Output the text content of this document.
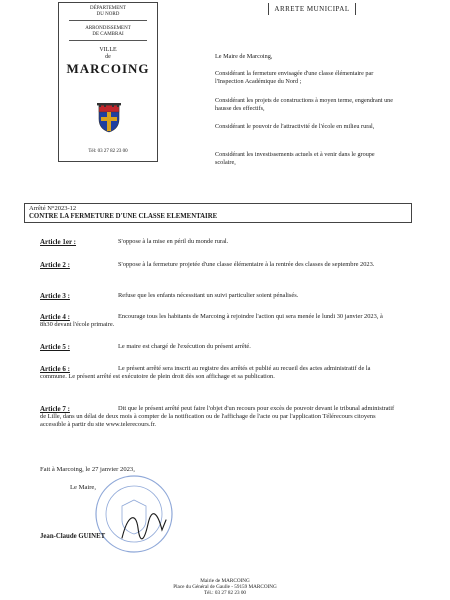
DÉPARTEMENT
DU NORD
ARRONDISSEMENT
DE CAMBRAI
VILLE
de
MARCOING
Tél: 03 27 82 23 00
ARRETE MUNICIPAL
Le Maire de Marcoing,
Considérant la fermeture envisagée d'une classe élémentaire par l'Inspection Académique du Nord ;
Considérant les projets de constructions à moyen terme, engendrant une hausse des effectifs,
Considérant le pouvoir de l'attractivité de l'école en milieu rural,
Considérant les investissements actuels et à venir dans le groupe scolaire,
Arrêté N°2023-12
CONTRE LA FERMETURE D'UNE CLASSE ELEMENTAIRE
Article 1er :	S'oppose à la mise en péril du monde rural.
Article 2 :	S'oppose à la fermeture projetée d'une classe élémentaire à la rentrée des classes de septembre 2023.
Article 3 :	Refuse que les enfants nécessitant un suivi particulier soient pénalisés.
Article 4 :	Encourage tous les habitants de Marcoing à rejoindre l'action qui sera menée le lundi 30 janvier 2023, à 8h30 devant l'école primaire.
Article 5 :	Le maire est chargé de l'exécution du présent arrêté.
Article 6 :	Le présent arrêté sera inscrit au registre des arrêtés et publié au recueil des actes administratif de la commune. Le présent arrêté est exécutoire de plein droit dès son affichage et sa publication.
Article 7 :	Dit que le présent arrêté peut faire l'objet d'un recours pour excès de pouvoir devant le tribunal administratif de Lille, dans un délai de deux mois à compter de la notification ou de l'affichage de l'acte ou par l'application Télérecours citoyens accessible à partir du site www.telerecours.fr.
Fait à Marcoing, le 27 janvier 2023,
Le Maire,
Jean-Claude GUINET
Mairie de MARCOING
Place du Général de Gaulle - 59159 MARCOING
Tél.: 03 27 82 23 00
